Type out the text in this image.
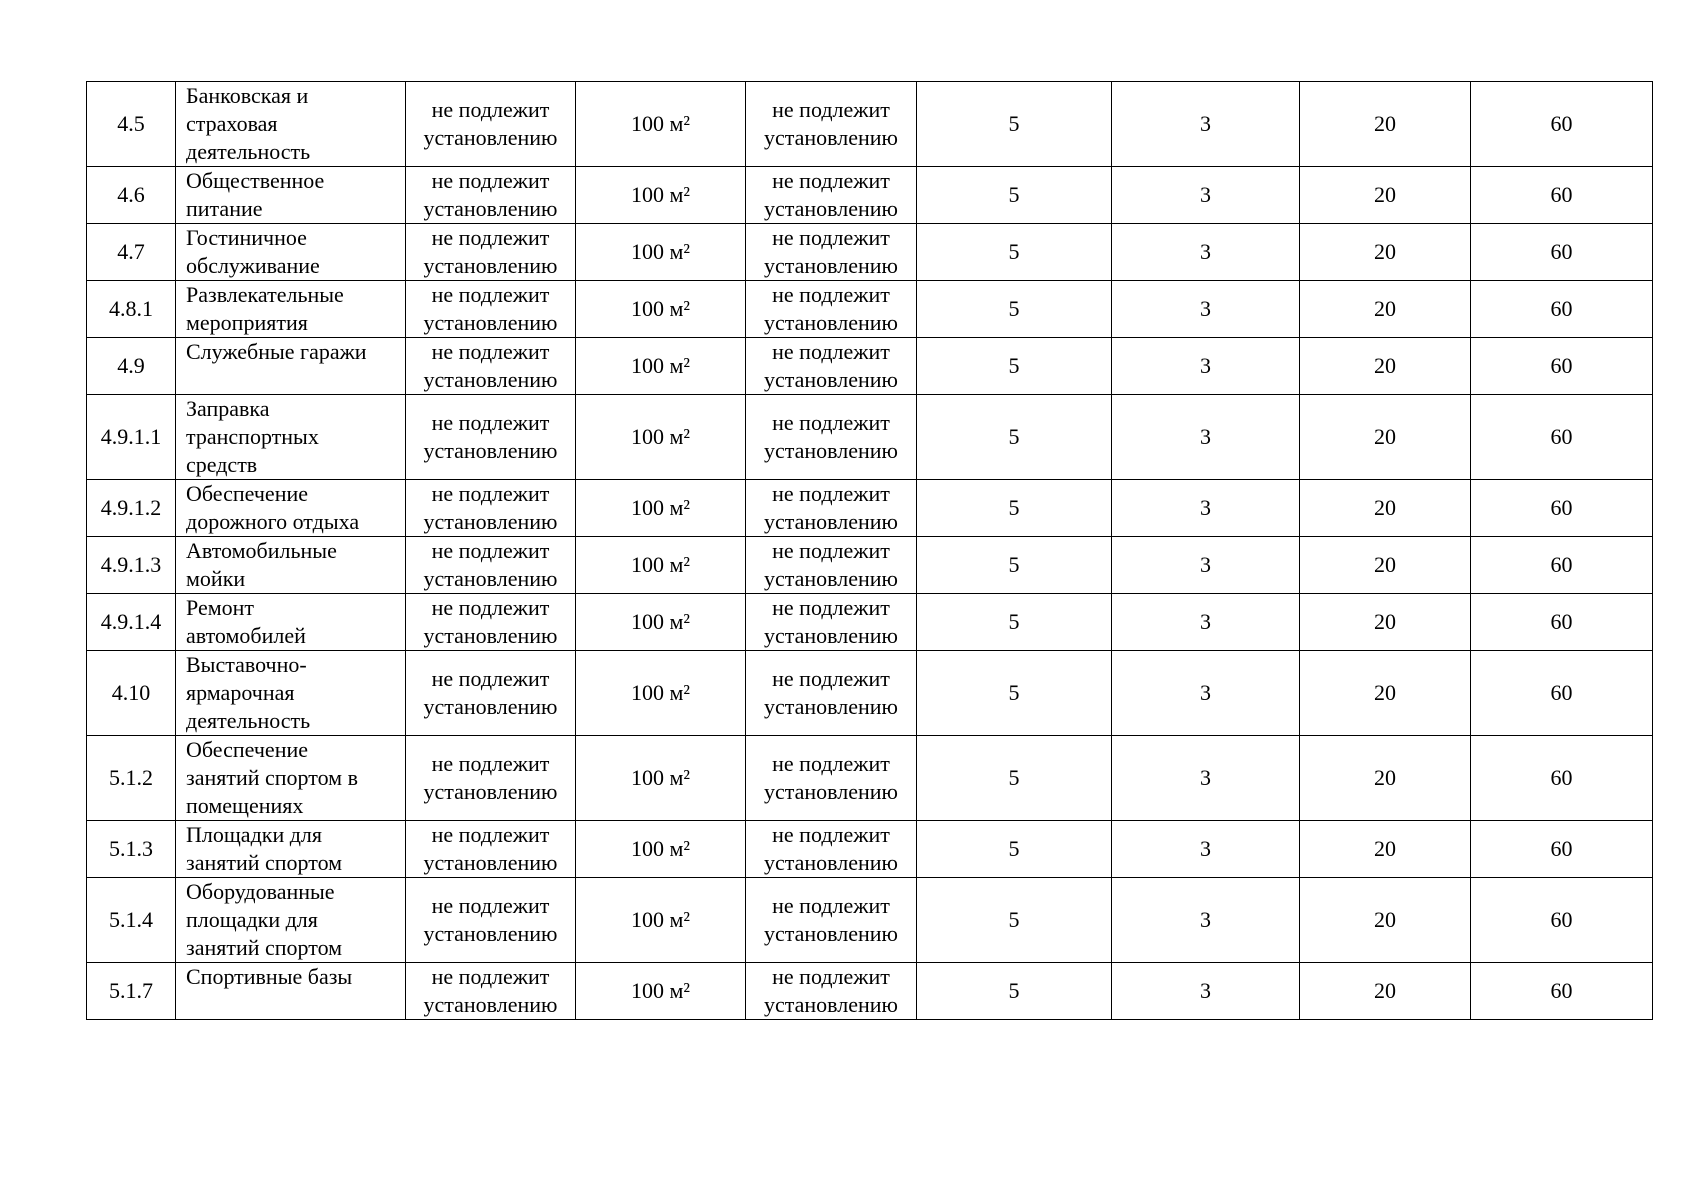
4.5	Банковская и
страховая
деятельность	не подлежит
установлению	100 м²	не подлежит
установлению	5	3	20	60
4.6	Общественное
питание	не подлежит
установлению	100 м²	не подлежит
установлению	5	3	20	60
4.7	Гостиничное
обслуживание	не подлежит
установлению	100 м²	не подлежит
установлению	5	3	20	60
4.8.1	Развлекательные
мероприятия	не подлежит
установлению	100 м²	не подлежит
установлению	5	3	20	60
4.9	Служебные гаражи	не подлежит
установлению	100 м²	не подлежит
установлению	5	3	20	60
4.9.1.1	Заправка
транспортных
средств	не подлежит
установлению	100 м²	не подлежит
установлению	5	3	20	60
4.9.1.2	Обеспечение
дорожного отдыха	не подлежит
установлению	100 м²	не подлежит
установлению	5	3	20	60
4.9.1.3	Автомобильные
мойки	не подлежит
установлению	100 м²	не подлежит
установлению	5	3	20	60
4.9.1.4	Ремонт
автомобилей	не подлежит
установлению	100 м²	не подлежит
установлению	5	3	20	60
4.10	Выставочно-
ярмарочная
деятельность	не подлежит
установлению	100 м²	не подлежит
установлению	5	3	20	60
5.1.2	Обеспечение
занятий спортом в
помещениях	не подлежит
установлению	100 м²	не подлежит
установлению	5	3	20	60
5.1.3	Площадки для
занятий спортом	не подлежит
установлению	100 м²	не подлежит
установлению	5	3	20	60
5.1.4	Оборудованные
площадки для
занятий спортом	не подлежит
установлению	100 м²	не подлежит
установлению	5	3	20	60
5.1.7	Спортивные базы	не подлежит
установлению	100 м²	не подлежит
установлению	5	3	20	60
